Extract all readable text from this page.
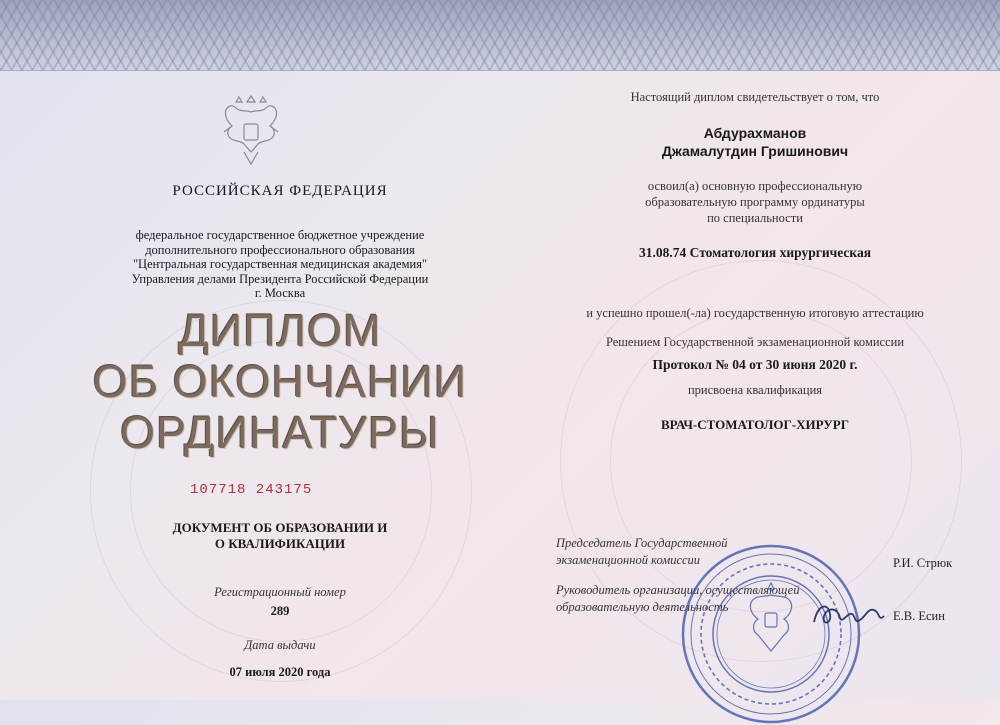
РОССИЙСКАЯ ФЕДЕРАЦИЯ
федеральное государственное бюджетное учреждение
дополнительного профессионального образования
"Центральная государственная медицинская академия"
Управления делами Президента Российской Федерации
г. Москва
ДИПЛОМ
ОБ ОКОНЧАНИИ
ОРДИНАТУРЫ
107718 243175
ДОКУМЕНТ ОБ ОБРАЗОВАНИИ И
О КВАЛИФИКАЦИИ
Регистрационный номер
289
Дата выдачи
07 июля 2020 года
Настоящий диплом свидетельствует о том, что
Абдурахманов
Джамалутдин Гришинович
освоил(а) основную профессиональную
образовательную программу ординатуры
по специальности
31.08.74 Стоматология хирургическая
и успешно прошел(-ла) государственную итоговую аттестацию
Решением Государственной экзаменационной комиссии
Протокол № 04 от 30 июня 2020 г.
присвоена квалификация
ВРАЧ-СТОМАТОЛОГ-ХИРУРГ
Председатель Государственной
экзаменационной комиссии	Р.И. Стрюк
Руководитель организации, осуществляющей
образовательную деятельность
Е.В. Есин
